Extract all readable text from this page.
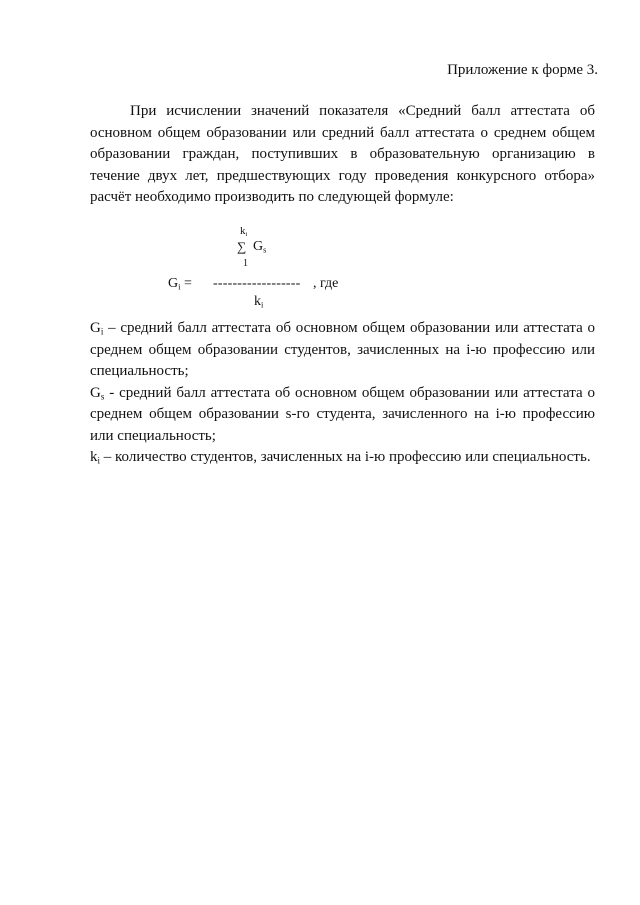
Приложение к форме 3.

При исчислении значений показателя «Средний балл аттестата об основном общем образовании или средний балл аттестата о среднем общем образовании граждан, поступивших в образовательную организацию в течение двух лет, предшествующих году проведения конкурсного отбора» расчёт необходимо производить по следующей формуле:

$k_i$
∑ $G_s$
1
$G_i$ = ------------------ , где
$k_i$

$G_i$ – средний балл аттестата об основном общем образовании или аттестата о среднем общем образовании студентов, зачисленных на i-ю профессию или специальность;

$G_s$ - средний балл аттестата об основном общем образовании или аттестата о среднем общем образовании s-го студента, зачисленного на i-ю профессию или специальность;

$k_i$ – количество студентов, зачисленных на i-ю профессию или специальность.
